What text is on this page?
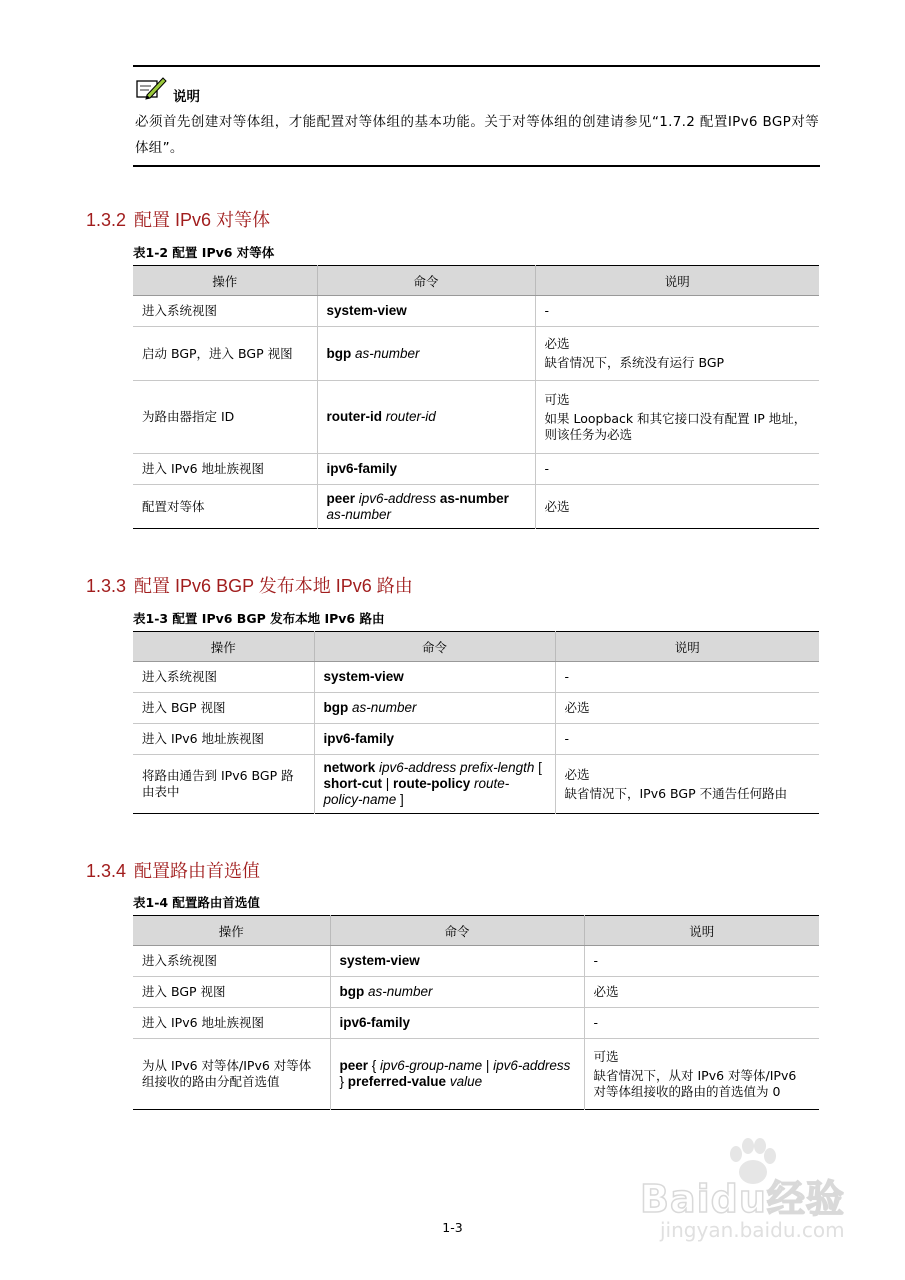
说明
必须首先创建对等体组，才能配置对等体组的基本功能。关于对等体组的创建请参见“1.7.2 配置IPv6 BGP对等体组”。
1.3.2 配置 IPv6 对等体
表1-2 配置 IPv6 对等体
操作	命令	说明
进入系统视图	system-view	-

启动 BGP，进入 BGP 视图	bgp as-number	必选
缺省情况下，系统没有运行 BGP

为路由器指定 ID	router-id router-id	可选
如果 Loopback 和其它接口没有配置 IP 地址，则该任务为必选

进入 IPv6 地址族视图	ipv6-family	-

配置对等体	peer ipv6-address as-number as-number	必选
1.3.3 配置 IPv6 BGP 发布本地 IPv6 路由
表1-3 配置 IPv6 BGP 发布本地 IPv6 路由
操作	命令	说明
进入系统视图	system-view	-

进入 BGP 视图	bgp as-number	必选

进入 IPv6 地址族视图	ipv6-family	-

将路由通告到 IPv6 BGP 路由表中	network ipv6-address prefix-length [ short-cut | route-policy route-policy-name ]	必选
缺省情况下，IPv6 BGP 不通告任何路由
1.3.4 配置路由首选值
表1-4 配置路由首选值
操作	命令	说明
进入系统视图	system-view	-

进入 BGP 视图	bgp as-number	必选

进入 IPv6 地址族视图	ipv6-family	-

为从 IPv6 对等体/IPv6 对等体组接收的路由分配首选值	peer { ipv6-group-name | ipv6-address } preferred-value value	可选
缺省情况下，从对 IPv6 对等体/IPv6 对等体组接收的路由的首选值为 0
1-3
Baidu经验
jingyan.baidu.com
